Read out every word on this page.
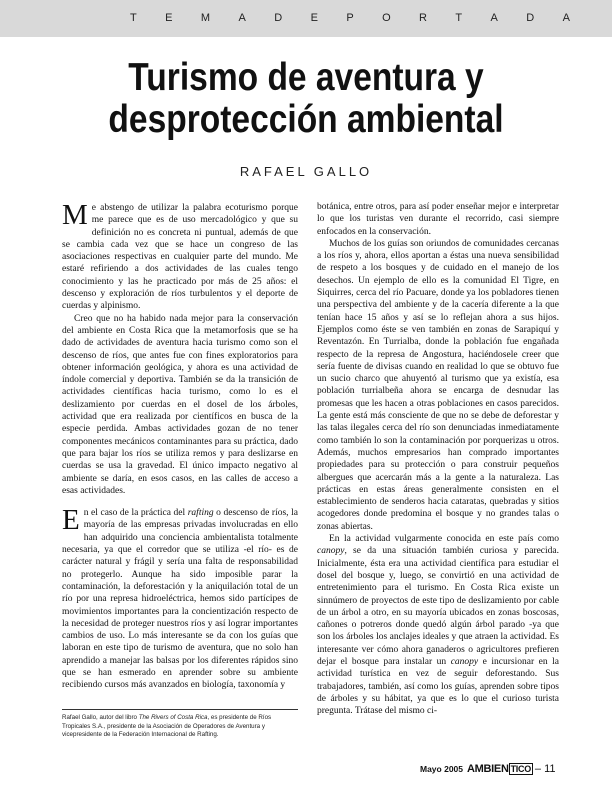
T	E	M	A	D	E	P	O	R	T	A	D	A
Turismo de aventura y
desprotección ambiental
RAFAEL GALLO

Me abstengo de utilizar la palabra ecoturismo porque me parece que es de uso mercadológico y que su definición no es concreta ni puntual, además de que se cambia cada vez que se hace un congreso de las asociaciones respectivas en cualquier parte del mundo. Me estaré refiriendo a dos actividades de las cuales tengo conocimiento y las he practicado por más de 25 años: el descenso y exploración de ríos turbulentos y el deporte de cuerdas y alpinismo.

Creo que no ha habido nada mejor para la conservación del ambiente en Costa Rica que la metamorfosis que se ha dado de actividades de aventura hacia turismo como son el descenso de ríos, que antes fue con fines exploratorios para obtener información geológica, y ahora es una actividad de índole comercial y deportiva. También se da la transición de actividades científicas hacia turismo, como lo es el deslizamiento por cuerdas en el dosel de los árboles, actividad que era realizada por científicos en busca de la especie perdida. Ambas actividades gozan de no tener componentes mecánicos contaminantes para su práctica, dado que para bajar los ríos se utiliza remos y para deslizarse en cuerdas se usa la gravedad. El único impacto negativo al ambiente se daría, en esos casos, en las calles de acceso a esas actividades.

En el caso de la práctica del rafting o descenso de ríos, la mayoría de las empresas privadas involucradas en ello han adquirido una conciencia ambientalista totalmente necesaria, ya que el corredor que se utiliza -el río- es de carácter natural y frágil y sería una falta de responsabilidad no protegerlo. Aunque ha sido imposible parar la contaminación, la deforestación y la aniquilación total de un río por una represa hidroeléctrica, hemos sido partícipes de movimientos importantes para la concientización respecto de la necesidad de proteger nuestros ríos y así lograr importantes cambios de uso. Lo más interesante se da con los guías que laboran en este tipo de turismo de aventura, que no solo han aprendido a manejar las balsas por los diferentes rápidos sino que se han esmerado en aprender sobre su ambiente recibiendo cursos más avanzados en biología, taxonomía y

botánica, entre otros, para así poder enseñar mejor e interpretar lo que los turistas ven durante el recorrido, casi siempre enfocados en la conservación.

Muchos de los guías son oriundos de comunidades cercanas a los ríos y, ahora, ellos aportan a éstas una nueva sensibilidad de respeto a los bosques y de cuidado en el manejo de los desechos. Un ejemplo de ello es la comunidad El Tigre, en Siquirres, cerca del río Pacuare, donde ya los pobladores tienen una perspectiva del ambiente y de la cacería diferente a la que tenían hace 15 años y así se lo reflejan ahora a sus hijos. Ejemplos como éste se ven también en zonas de Sarapiquí y Reventazón. En Turrialba, donde la población fue engañada respecto de la represa de Angostura, haciéndosele creer que sería fuente de divisas cuando en realidad lo que se obtuvo fue un sucio charco que ahuyentó al turismo que ya existía, esa población turrialbeña ahora se encarga de desnudar las promesas que les hacen a otras poblaciones en casos parecidos. La gente está más consciente de que no se debe de deforestar y las talas ilegales cerca del río son denunciadas inmediatamente como también lo son la contaminación por porquerizas u otros. Además, muchos empresarios han comprado importantes propiedades para su protección o para construir pequeños albergues que acercarán más a la gente a la naturaleza. Las prácticas en estas áreas generalmente consisten en el establecimiento de senderos hacia cataratas, quebradas y sitios acogedores donde predomina el bosque y no grandes talas o zonas abiertas.

En la actividad vulgarmente conocida en este país como canopy, se da una situación también curiosa y parecida. Inicialmente, ésta era una actividad científica para estudiar el dosel del bosque y, luego, se convirtió en una actividad de entretenimiento para el turismo. En Costa Rica existe un sinnúmero de proyectos de este tipo de deslizamiento por cable de un árbol a otro, en su mayoría ubicados en zonas boscosas, cañones o potreros donde quedó algún árbol parado -ya que son los árboles los anclajes ideales y que atraen la actividad. Es interesante ver cómo ahora ganaderos o agricultores prefieren dejar el bosque para instalar un canopy e incursionar en la actividad turística en vez de seguir deforestando. Sus trabajadores, también, así como los guías, aprenden sobre tipos de árboles y su hábitat, ya que es lo que el curioso turista pregunta. Trátase del mismo ci-

Rafael Gallo, autor del libro The Rivers of Costa Rica, es presidente de Ríos Tropicales S.A., presidente de la Asociación de Operadores de Aventura y vicepresidente de la Federación Internacional de Rafting.
Mayo 2005 AMBIEN TICO – 11
